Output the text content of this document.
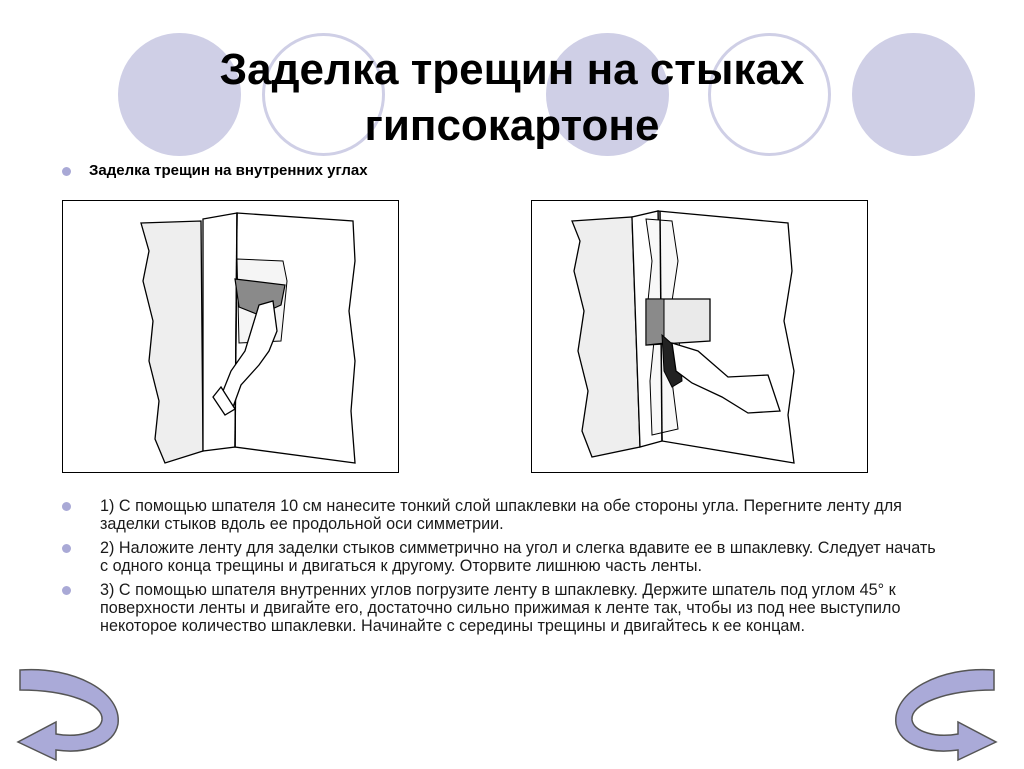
Заделка трещин на стыках
гипсокартоне
Заделка трещин на внутренних углах
1) С помощью шпателя 10 см нанесите тонкий слой шпаклевки на обе стороны угла. Перегните ленту для заделки стыков вдоль ее продольной оси симметрии.
2) Наложите ленту для заделки стыков симметрично на угол и слегка вдавите ее в шпаклевку. Следует начать с одного конца трещины и двигаться к другому. Оторвите лишнюю часть ленты.
3) С помощью шпателя внутренних углов погрузите ленту в шпаклевку. Держите шпатель под углом 45° к поверхности ленты и двигайте его, достаточно сильно прижимая к ленте так, чтобы из под нее выступило некоторое количество шпаклевки. Начинайте с середины трещины и двигайтесь к ее концам.
